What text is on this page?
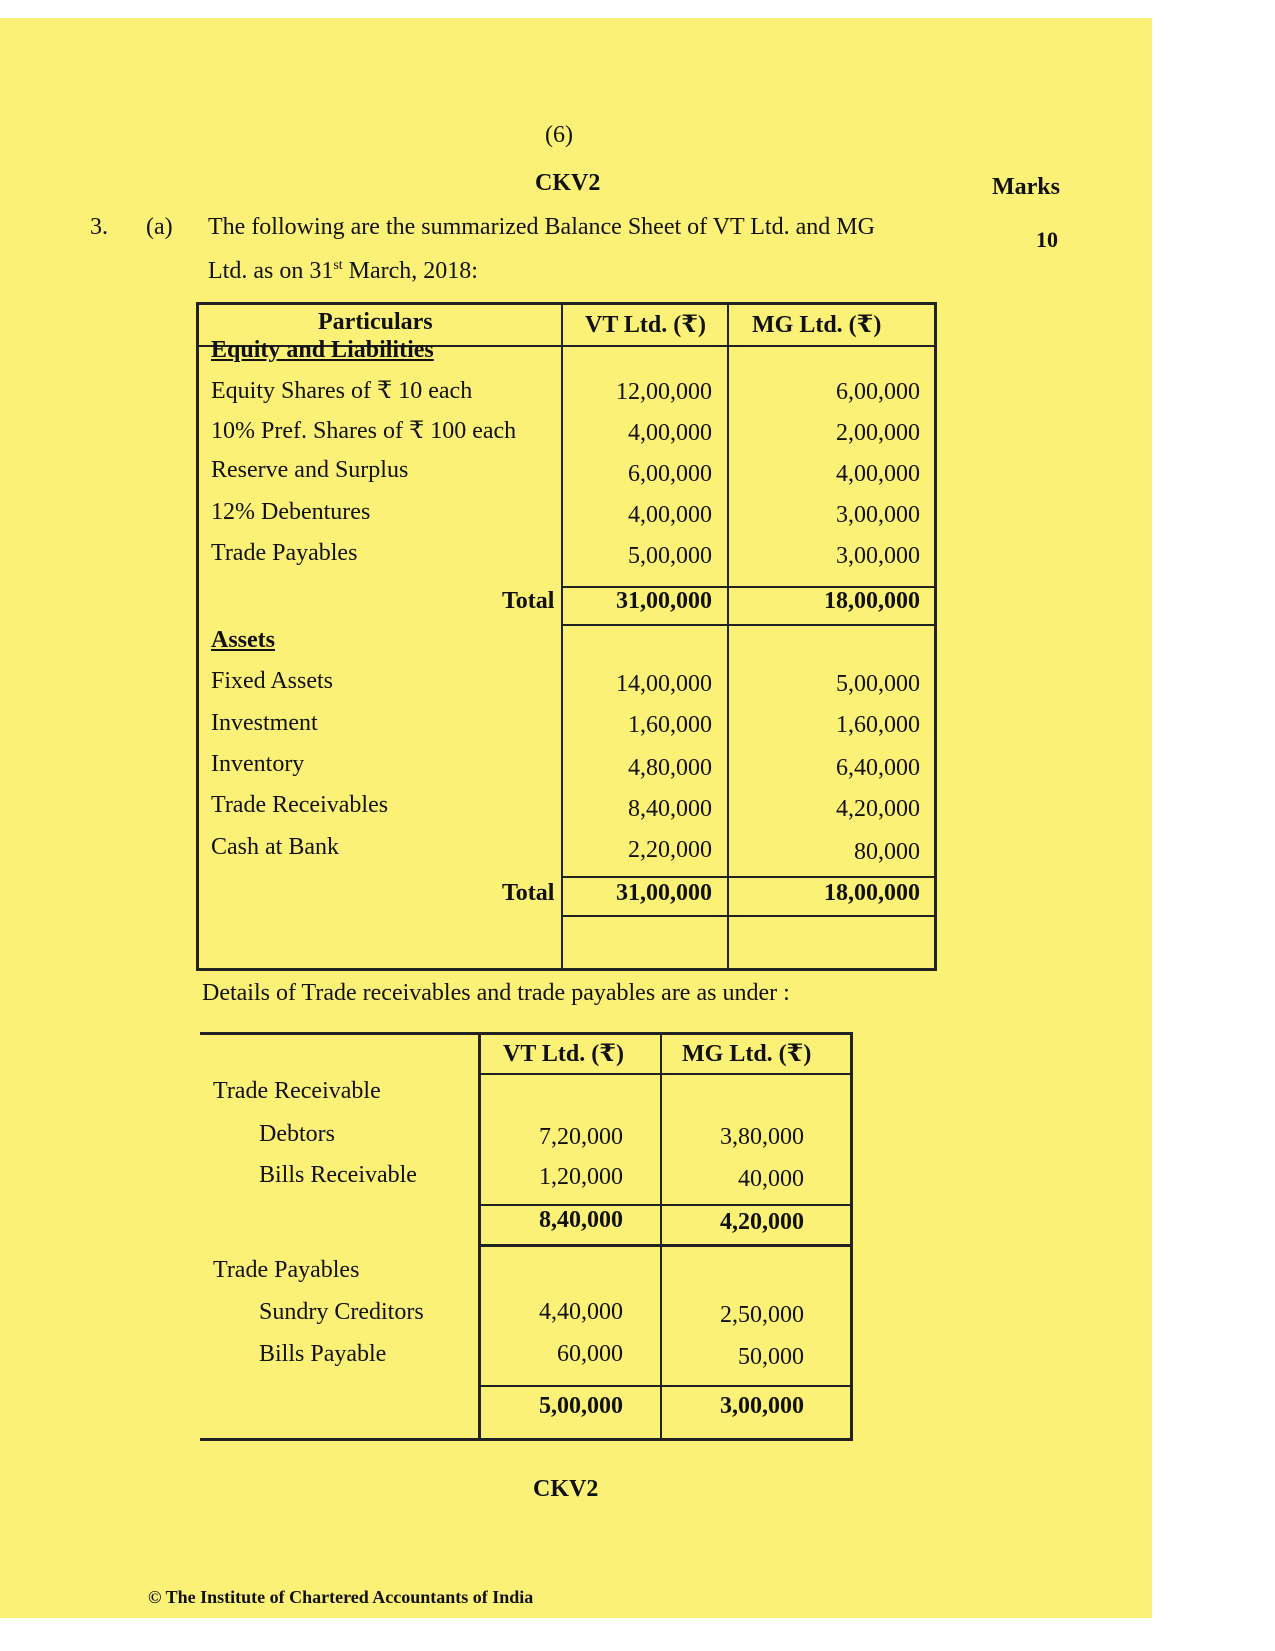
(6)
CKV2	Marks
10
3. (a) The following are the summarized Balance Sheet of VT Ltd. and MG
Ltd. as on 31st March, 2018:
Particulars	VT Ltd. (₹) MG Ltd. (₹)
Equity and Liabilities
Equity Shares of ₹ 10 each	12,00,000	6,00,000
10% Pref. Shares of ₹ 100 each	4,00,000	2,00,000
Reserve and Surplus	6,00,000	4,00,000
12% Debentures	4,00,000	3,00,000
Trade Payables	5,00,000	3,00,000
Total	31,00,000	18,00,000
Assets
Fixed Assets	14,00,000	5,00,000
Investment	1,60,000	1,60,000
Inventory	4,80,000	6,40,000
Trade Receivables	8,40,000	4,20,000
Cash at Bank	2,20,000	80,000
Total	31,00,000	18,00,000
Details of Trade receivables and trade payables are as under :
VT Ltd. (₹) MG Ltd. (₹)
Trade Receivable
Debtors	7,20,000	3,80,000
Bills Receivable	1,20,000	40,000
8,40,000	4,20,000
Trade Payables
Sundry Creditors	4,40,000	2,50,000
Bills Payable	60,000	50,000
5,00,000	3,00,000
CKV2
© The Institute of Chartered Accountants of India
